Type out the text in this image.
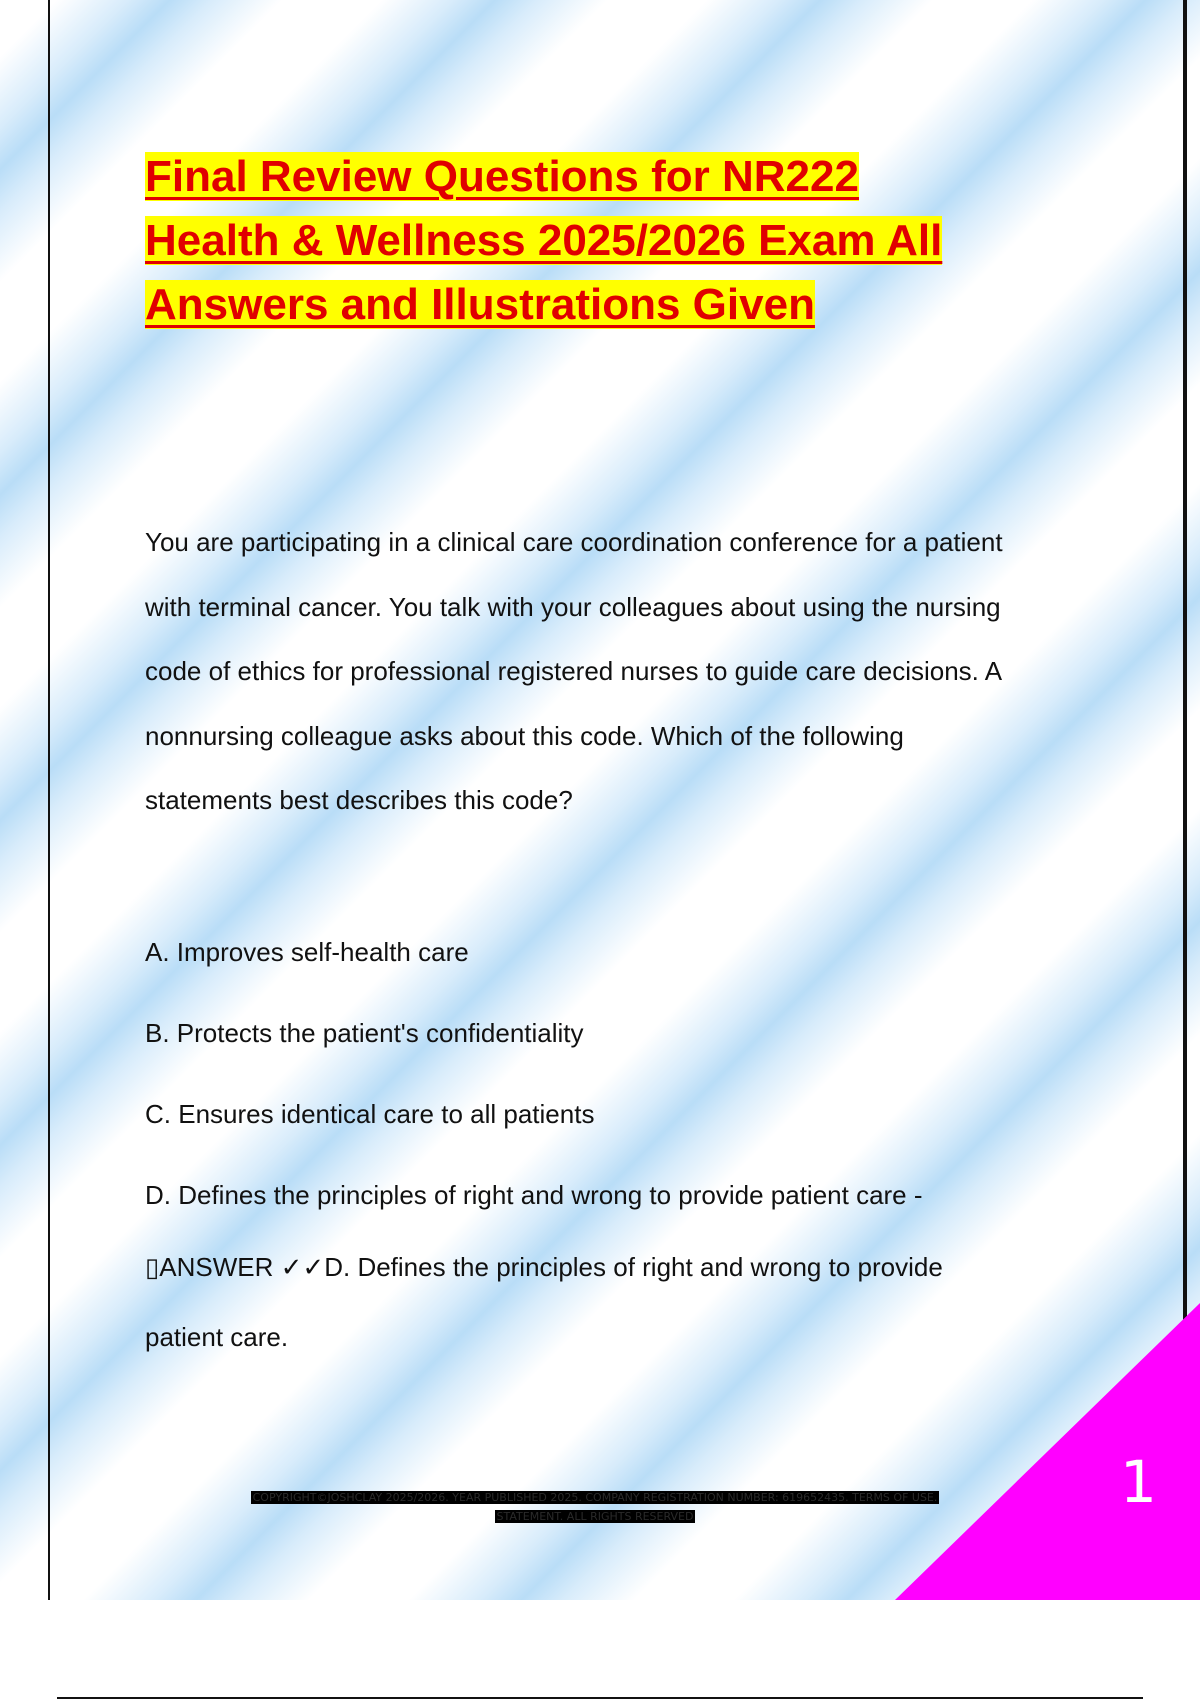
Final Review Questions for NR222
Health & Wellness 2025/2026 Exam All
Answers and Illustrations Given

You are participating in a clinical care coordination conference for a patient
with terminal cancer. You talk with your colleagues about using the nursing
code of ethics for professional registered nurses to guide care decisions. A
nonnursing colleague asks about this code. Which of the following
statements best describes this code?

A. Improves self-health care
B. Protects the patient's confidentiality
C. Ensures identical care to all patients
D. Defines the principles of right and wrong to provide patient care -

▯ANSWER ✓✓D. Defines the principles of right and wrong to provide
patient care.

COPYRIGHT©JOSHCLAY 2025/2026. YEAR PUBLISHED 2025. COMPANY REGISTRATION NUMBER: 619652435. TERMS OF USE.
STATEMENT. ALL RIGHTS RESERVED
1
